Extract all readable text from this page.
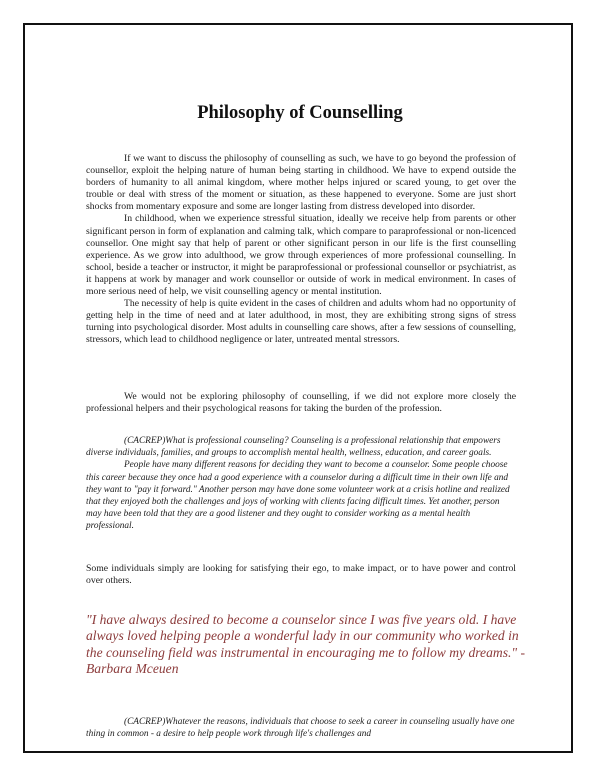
Philosophy of Counselling

If we want to discuss the philosophy of counselling as such, we have to go beyond the profession of counsellor, exploit the helping nature of human being starting in childhood. We have to expend outside the borders of humanity to all animal kingdom, where mother helps injured or scared young, to get over the trouble or deal with stress of the moment or situation, as these happened to everyone. Some are just short shocks from momentary exposure and some are longer lasting from distress developed into disorder.

In childhood, when we experience stressful situation, ideally we receive help from parents or other significant person in form of explanation and calming talk, which compare to paraprofessional or non-licenced counsellor. One might say that help of parent or other significant person in our life is the first counselling experience. As we grow into adulthood, we grow through experiences of more professional counselling. In school, beside a teacher or instructor, it might be paraprofessional or professional counsellor or psychiatrist, as it happens at work by manager and work counsellor or outside of work in medical environment. In cases of more serious need of help, we visit counselling agency or mental institution.

The necessity of help is quite evident in the cases of children and adults whom had no opportunity of getting help in the time of need and at later adulthood, in most, they are exhibiting strong signs of stress turning into psychological disorder. Most adults in counselling care shows, after a few sessions of counselling, stressors, which lead to childhood negligence or later, untreated mental stressors.

We would not be exploring philosophy of counselling, if we did not explore more closely the professional helpers and their psychological reasons for taking the burden of the profession.

(CACREP)What is professional counseling? Counseling is a professional relationship that empowers diverse individuals, families, and groups to accomplish mental health, wellness, education, and career goals.

People have many different reasons for deciding they want to become a counselor. Some people choose this career because they once had a good experience with a counselor during a difficult time in their own life and they want to "pay it forward." Another person may have done some volunteer work at a crisis hotline and realized that they enjoyed both the challenges and joys of working with clients facing difficult times. Yet another, person may have been told that they are a good listener and they ought to consider working as a mental health professional.

Some individuals simply are looking for satisfying their ego, to make impact, or to have power and control over others.

"I have always desired to become a counselor since I was five years old. I have always loved helping people a wonderful lady in our community who worked in the counseling field was instrumental in encouraging me to follow my dreams." -Barbara Mceuen

(CACREP)Whatever the reasons, individuals that choose to seek a career in counseling usually have one thing in common - a desire to help people work through life's challenges and
